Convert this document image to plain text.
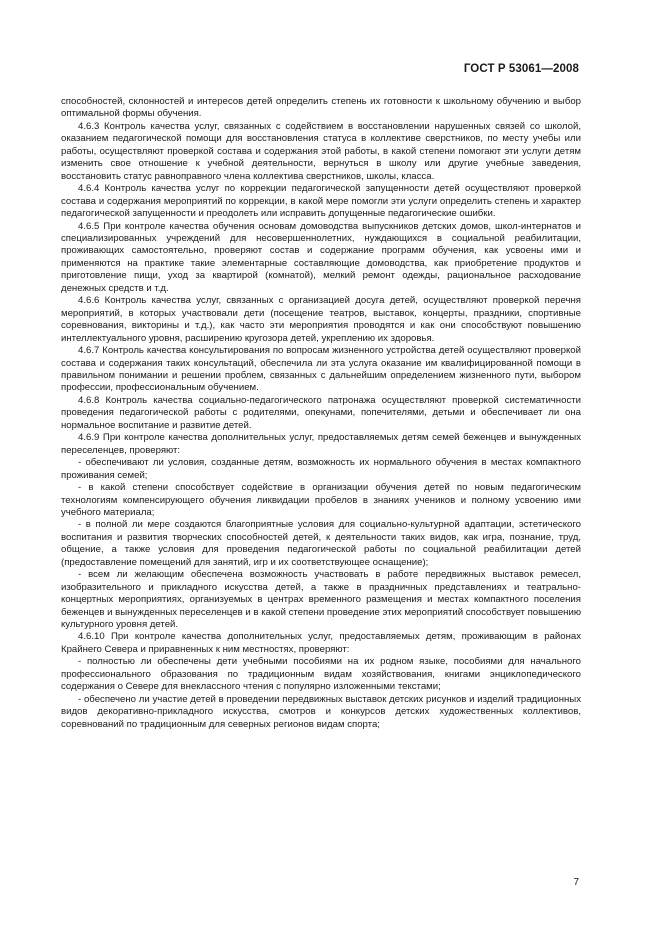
ГОСТ Р 53061—2008

способностей, склонностей и интересов детей определить степень их готовности к школьному обучению и выбор оптимальной формы обучения.

4.6.3 Контроль качества услуг, связанных с содействием в восстановлении нарушенных связей со школой, оказанием педагогической помощи для восстановления статуса в коллективе сверстников, по месту учебы или работы, осуществляют проверкой состава и содержания этой работы, в какой степени помогают эти услуги детям изменить свое отношение к учебной деятельности, вернуться в школу или другие учебные заведения, восстановить статус равноправного члена коллектива сверстников, школы, класса.

4.6.4 Контроль качества услуг по коррекции педагогической запущенности детей осуществляют проверкой состава и содержания мероприятий по коррекции, в какой мере помогли эти услуги определить степень и характер педагогической запущенности и преодолеть или исправить допущенные педагогические ошибки.

4.6.5 При контроле качества обучения основам домоводства выпускников детских домов, школ-интернатов и специализированных учреждений для несовершеннолетних, нуждающихся в социальной реабилитации, проживающих самостоятельно, проверяют состав и содержание программ обучения, как усвоены ими и применяются на практике такие элементарные составляющие домоводства, как приобретение продуктов и приготовление пищи, уход за квартирой (комнатой), мелкий ремонт одежды, рациональное расходование денежных средств и т.д.

4.6.6 Контроль качества услуг, связанных с организацией досуга детей, осуществляют проверкой перечня мероприятий, в которых участвовали дети (посещение театров, выставок, концерты, праздники, спортивные соревнования, викторины и т.д.), как часто эти мероприятия проводятся и как они способствуют повышению интеллектуального уровня, расширению кругозора детей, укреплению их здоровья.

4.6.7 Контроль качества консультирования по вопросам жизненного устройства детей осуществляют проверкой состава и содержания таких консультаций, обеспечила ли эта услуга оказание им квалифицированной помощи в правильном понимании и решении проблем, связанных с дальнейшим определением жизненного пути, выбором профессии, профессиональным обучением.

4.6.8 Контроль качества социально-педагогического патронажа осуществляют проверкой систематичности проведения педагогической работы с родителями, опекунами, попечителями, детьми и обеспечивает ли она нормальное воспитание и развитие детей.

4.6.9 При контроле качества дополнительных услуг, предоставляемых детям семей беженцев и вынужденных переселенцев, проверяют:

- обеспечивают ли условия, созданные детям, возможность их нормального обучения в местах компактного проживания семей;

- в какой степени способствует содействие в организации обучения детей по новым педагогическим технологиям компенсирующего обучения ликвидации пробелов в знаниях учеников и полному усвоению ими учебного материала;

- в полной ли мере создаются благоприятные условия для социально-культурной адаптации, эстетического воспитания и развития творческих способностей детей, к деятельности таких видов, как игра, познание, труд, общение, а также условия для проведения педагогической работы по социальной реабилитации детей (предоставление помещений для занятий, игр и их соответствующее оснащение);

- всем ли желающим обеспечена возможность участвовать в работе передвижных выставок ремесел, изобразительного и прикладного искусства детей, а также в праздничных представлениях и театрально-концертных мероприятиях, организуемых в центрах временного размещения и местах компактного поселения беженцев и вынужденных переселенцев и в какой степени проведение этих мероприятий способствует повышению культурного уровня детей.

4.6.10 При контроле качества дополнительных услуг, предоставляемых детям, проживающим в районах Крайнего Севера и приравненных к ним местностях, проверяют:

- полностью ли обеспечены дети учебными пособиями на их родном языке, пособиями для начального профессионального образования по традиционным видам хозяйствования, книгами энциклопедического содержания о Севере для внеклассного чтения с популярно изложенными текстами;

- обеспечено ли участие детей в проведении передвижных выставок детских рисунков и изделий традиционных видов декоративно-прикладного искусства, смотров и конкурсов детских художественных коллективов, соревнований по традиционным для северных регионов видам спорта;

7
